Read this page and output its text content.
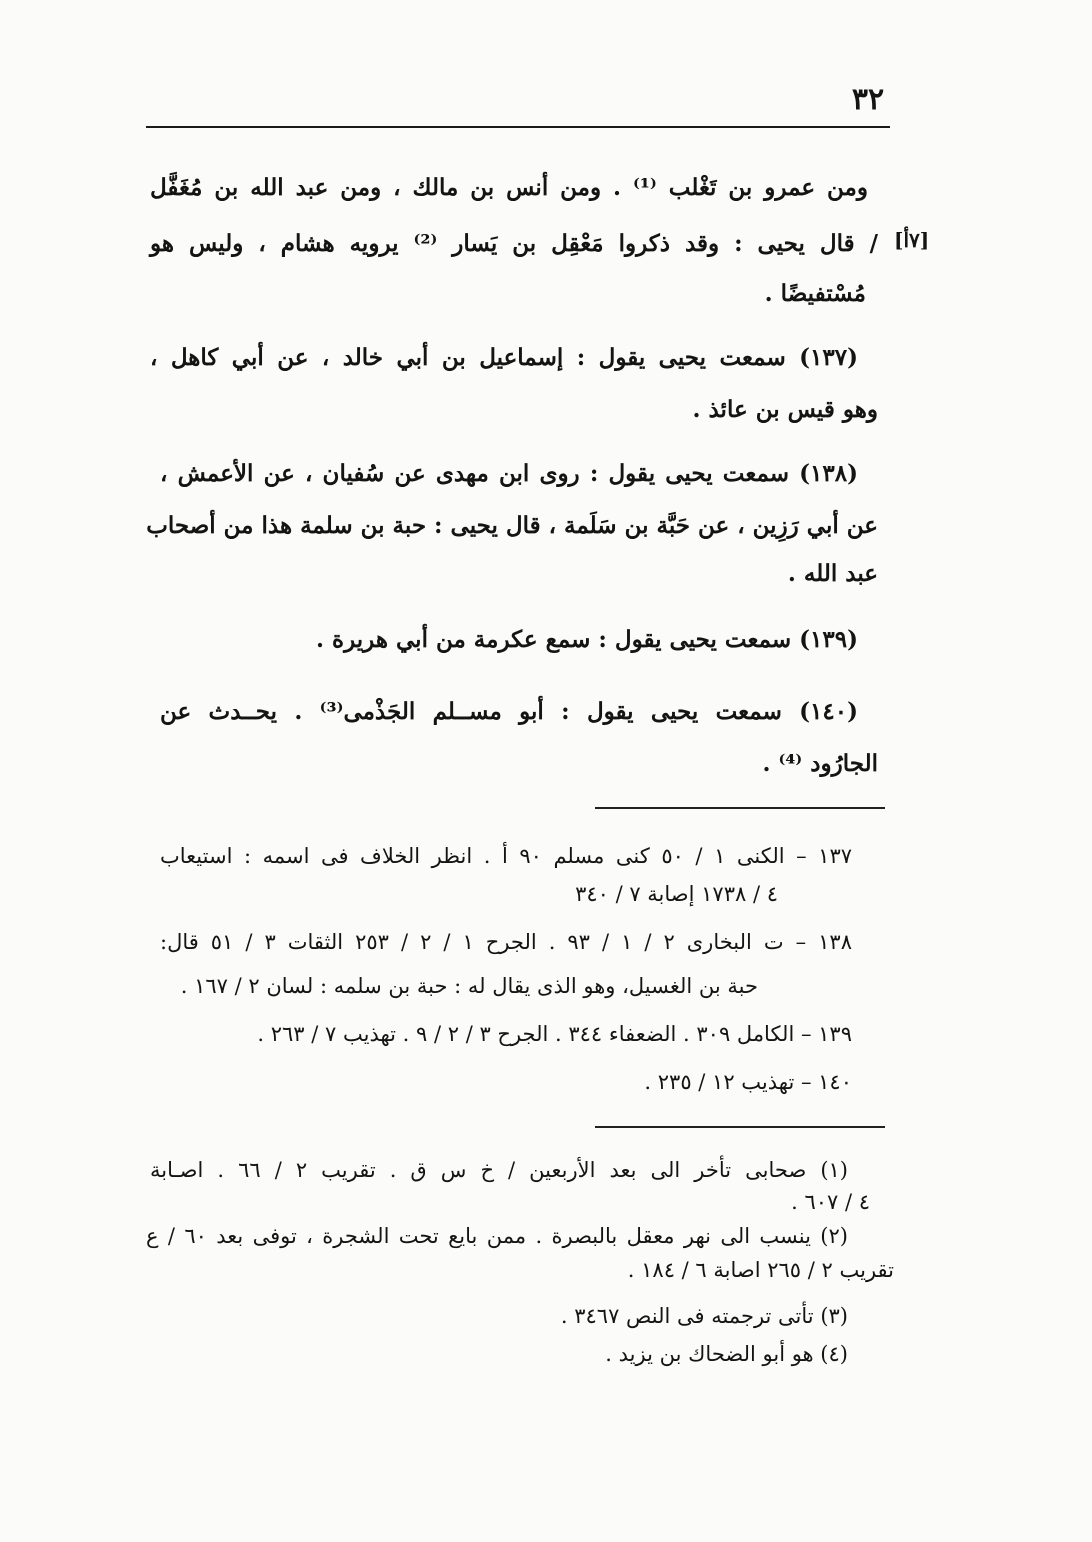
٣٢
ومن عمرو بن تَغْلب ⁽¹⁾ . ومن أنس بن مالك ، ومن عبد الله بن مُغَفَّل
/ قال يحيى : وقد ذكروا مَعْقِل بن يَسار ⁽²⁾ يرويه هشام ، وليس هو [٧أ]
مُسْتفيضًا .
(١٣٧) سمعت يحيى يقول : إسماعيل بن أبي خالد ، عن أبي كاهل ،
وهو قيس بن عائذ .
(١٣٨) سمعت يحيى يقول : روى ابن مهدى عن سُفيان ، عن الأعمش ،
عن أبي رَزِين ، عن حَبَّة بن سَلَمة ، قال يحيى : حبة بن سلمة هذا من أصحاب
عبد الله .
(١٣٩) سمعت يحيى يقول : سمع عكرمة من أبي هريرة .
(١٤٠) سمعت يحيى يقول : أبو مســلم الجَذْمى⁽³⁾ . يحــدث عن
الجارُود ⁽⁴⁾ .
١٣٧ – الكنى ١ / ٥٠ كنى مسلم ٩٠ أ . انظر الخلاف فى اسمه : استيعاب
٤ / ١٧٣٨ إصابة ٧ / ٣٤٠
١٣٨ – ت البخارى ٢ / ١ / ٩٣ . الجرح ١ / ٢ / ٢٥٣ الثقات ٣ / ٥١ قال:
حبة بن الغسيل، وهو الذى يقال له : حبة بن سلمه : لسان ٢ / ١٦٧ .
١٣٩ – الكامل ٣٠٩ . الضعفاء ٣٤٤ . الجرح ٣ / ٢ / ٩ . تهذيب ٧ / ٢٦٣ .
١٤٠ – تهذيب ١٢ / ٢٣٥ .
(١) صحابى تأخر الى بعد الأربعين / خ س ق . تقريب ٢ / ٦٦ . اصـابة
٤ / ٦٠٧ .
(٢) ينسب الى نهر معقل بالبصرة . ممن بايع تحت الشجرة ، توفى بعد ٦٠ / ع
تقريب ٢ / ٢٦٥ اصابة ٦ / ١٨٤ .
(٣) تأتى ترجمته فى النص ٣٤٦٧ .
(٤) هو أبو الضحاك بن يزيد .
